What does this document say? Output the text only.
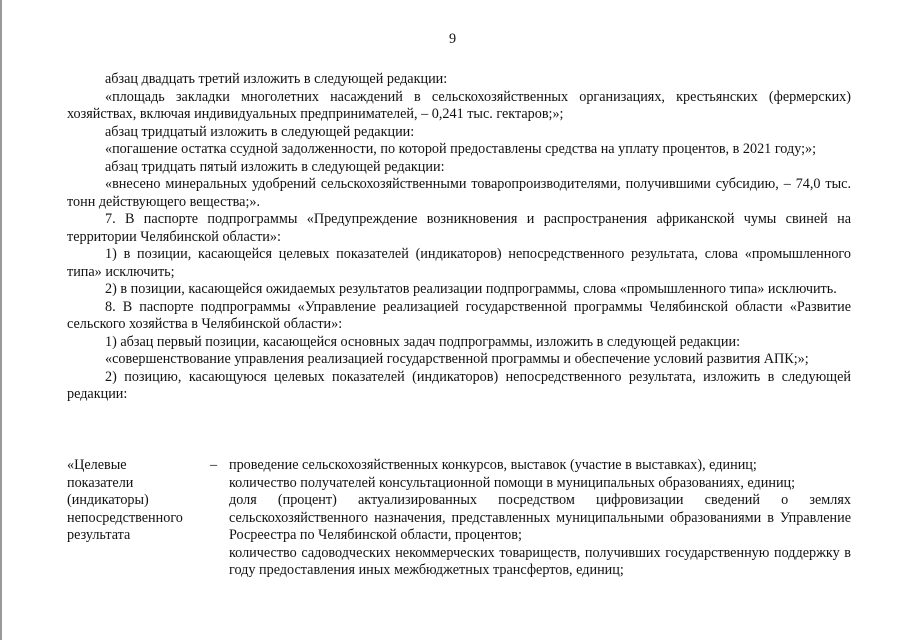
9

абзац двадцать третий изложить в следующей редакции:

«площадь закладки многолетних насаждений в сельскохозяйственных организациях, крестьянских (фермерских) хозяйствах, включая индивидуальных предпринимателей, – 0,241 тыс. гектаров;»;

абзац тридцатый изложить в следующей редакции:

«погашение остатка ссудной задолженности, по которой предоставлены средства на уплату процентов, в 2021 году;»;

абзац тридцать пятый изложить в следующей редакции:

«внесено минеральных удобрений сельскохозяйственными товаропроизводителями, получившими субсидию, – 74,0 тыс. тонн действующего вещества;».

7. В паспорте подпрограммы «Предупреждение возникновения и распространения африканской чумы свиней на территории Челябинской области»:

1) в позиции, касающейся целевых показателей (индикаторов) непосредственного результата, слова «промышленного типа» исключить;

2) в позиции, касающейся ожидаемых результатов реализации подпрограммы, слова «промышленного типа» исключить.

8. В паспорте подпрограммы «Управление реализацией государственной программы Челябинской области «Развитие сельского хозяйства в Челябинской области»:

1) абзац первый позиции, касающейся основных задач подпрограммы, изложить в следующей редакции:

«совершенствование управления реализацией государственной программы и обеспечение условий развития АПК;»;

2) позицию, касающуюся целевых показателей (индикаторов) непосредственного результата, изложить в следующей редакции:

«Целевые
показатели
(индикаторы)
непосредственного
результата
– проведение сельскохозяйственных конкурсов, выставок (участие в выставках), единиц;

количество получателей консультационной помощи в муниципальных образованиях, единиц;

доля (процент) актуализированных посредством цифровизации сведений о землях сельскохозяйственного назначения, представленных муниципальными образованиями в Управление Росреестра по Челябинской области, процентов;

количество садоводческих некоммерческих товариществ, получивших государственную поддержку в году предоставления иных межбюджетных трансфертов, единиц;
